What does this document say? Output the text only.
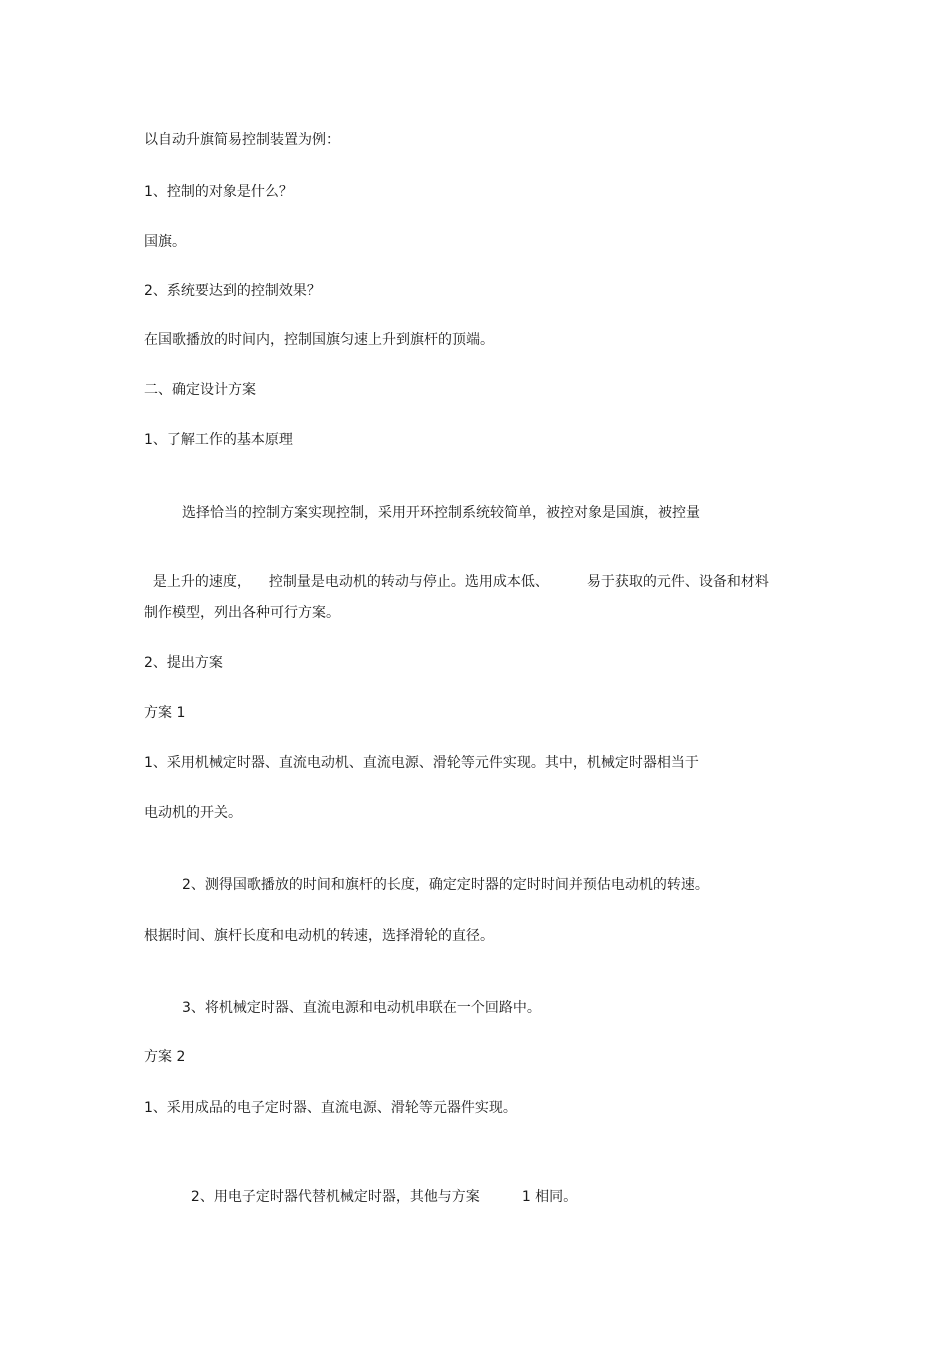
以自动升旗简易控制装置为例：

1、控制的对象是什么？

国旗。

2、系统要达到的控制效果？

在国歌播放的时间内，控制国旗匀速上升到旗杆的顶端。

二、确定设计方案

1、了解工作的基本原理

选择恰当的控制方案实现控制，采用开环控制系统较简单，被控对象是国旗，被控量

是上升的速度， 控制量是电动机的转动与停止。选用成本低、	易于获取的元件、设备和材料

制作模型，列出各种可行方案。

2、提出方案

方案 1

1、采用机械定时器、直流电动机、直流电源、滑轮等元件实现。其中，机械定时器相当于

电动机的开关。

2、测得国歌播放的时间和旗杆的长度，确定定时器的定时时间并预估电动机的转速。

根据时间、旗杆长度和电动机的转速，选择滑轮的直径。

3、将机械定时器、直流电源和电动机串联在一个回路中。

方案 2

1、采用成品的电子定时器、直流电源、滑轮等元器件实现。

2、用电子定时器代替机械定时器，其他与方案	1 相同。
